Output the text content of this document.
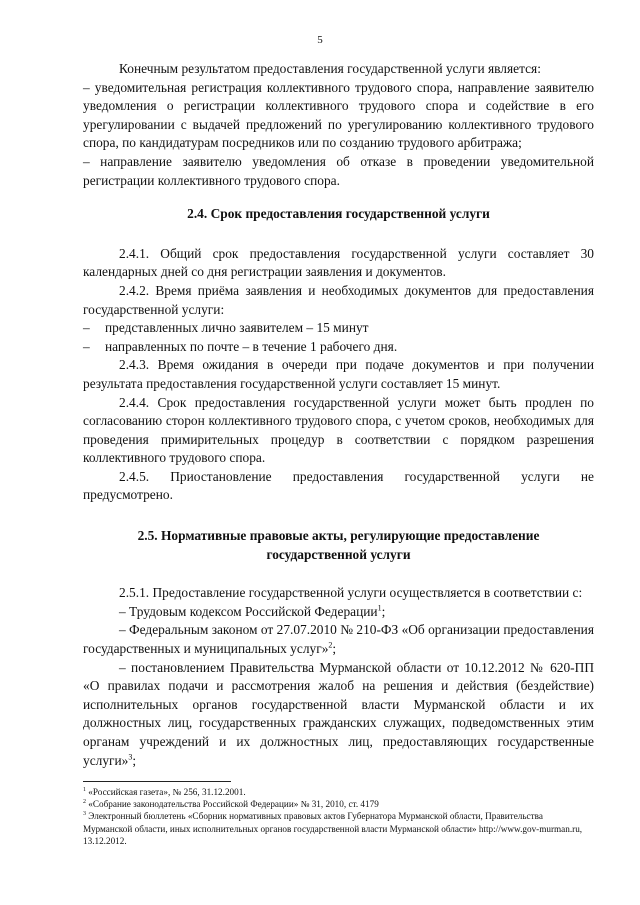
5

Конечным результатом предоставления государственной услуги является:

– уведомительная регистрация коллективного трудового спора, направление заявителю уведомления о регистрации коллективного трудового спора и содействие в его урегулировании с выдачей предложений по урегулированию коллективного трудового спора, по кандидатурам посредников или по созданию трудового арбитража;

– направление заявителю уведомления об отказе в проведении уведомительной регистрации коллективного трудового спора.

2.4. Срок предоставления государственной услуги

2.4.1. Общий срок предоставления государственной услуги составляет 30 календарных дней со дня регистрации заявления и документов.

2.4.2. Время приёма заявления и необходимых документов для предоставления государственной услуги:

– представленных лично заявителем – 15 минут

– направленных по почте – в течение 1 рабочего дня.

2.4.3. Время ожидания в очереди при подаче документов и при получении результата предоставления государственной услуги составляет 15 минут.

2.4.4. Срок предоставления государственной услуги может быть продлен по согласованию сторон коллективного трудового спора, с учетом сроков, необходимых для проведения примирительных процедур в соответствии с порядком разрешения коллективного трудового спора.

2.4.5. Приостановление предоставления государственной услуги не предусмотрено.

2.5. Нормативные правовые акты, регулирующие предоставление
государственной услуги

2.5.1. Предоставление государственной услуги осуществляется в соответствии с:

– Трудовым кодексом Российской Федерации$^1$;

– Федеральным законом от 27.07.2010 № 210-ФЗ «Об организации предоставления государственных и муниципальных услуг»$^2$;

– постановлением Правительства Мурманской области от 10.12.2012 № 620-ПП «О правилах подачи и рассмотрения жалоб на решения и действия (бездействие) исполнительных органов государственной власти Мурманской области и их должностных лиц, государственных гражданских служащих, подведомственных этим органам учреждений и их должностных лиц, предоставляющих государственные услуги»$^3$;

$^1$ «Российская газета», № 256, 31.12.2001.

$^2$ «Собрание законодательства Российской Федерации» № 31, 2010, ст. 4179

$^3$ Электронный бюллетень «Сборник нормативных правовых актов Губернатора Мурманской области, Правительства Мурманской области, иных исполнительных органов государственной власти Мурманской области» http://www.gov-murman.ru, 13.12.2012.
